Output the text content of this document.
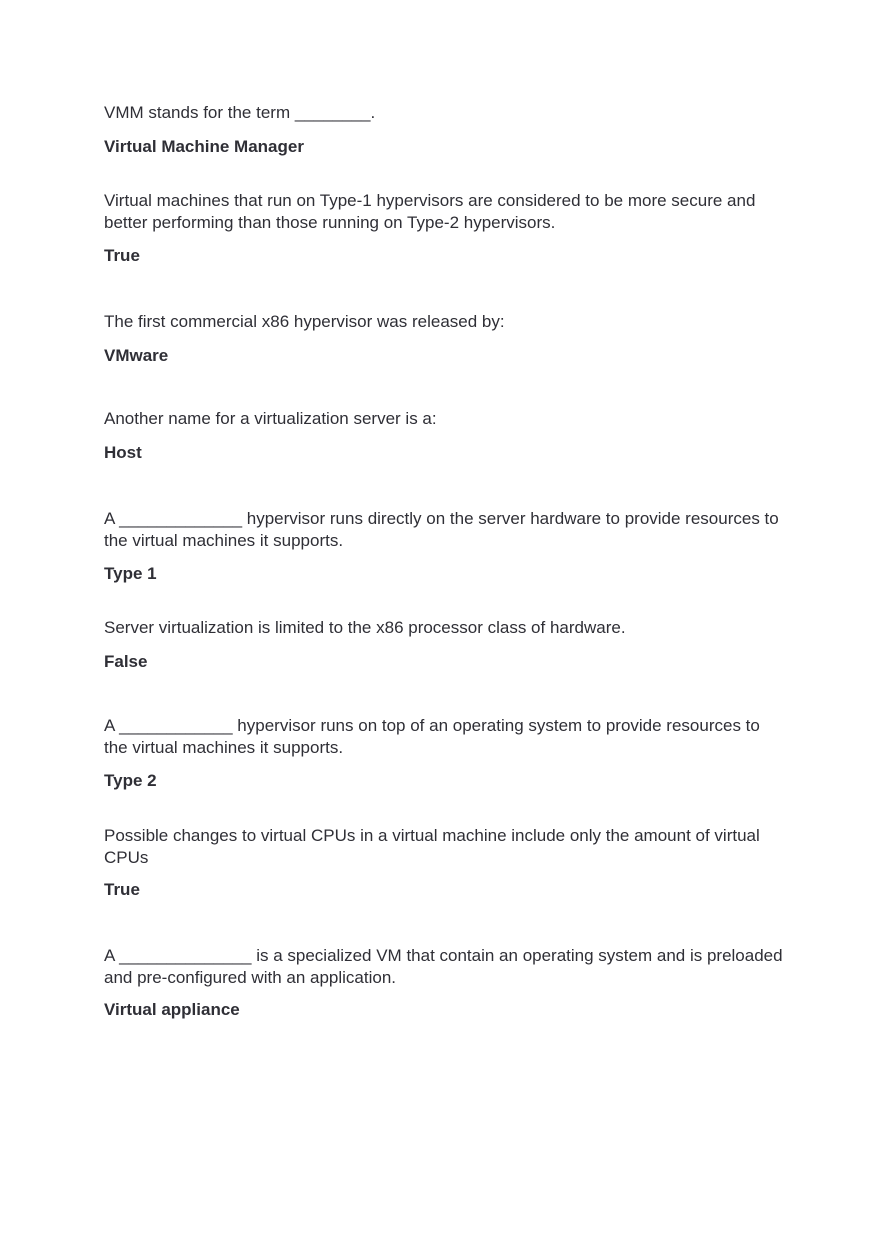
VMM stands for the term ________.

Virtual Machine Manager

Virtual machines that run on Type-1 hypervisors are considered to be more secure and better performing than those running on Type-2 hypervisors.

True

The first commercial x86 hypervisor was released by:

VMware

Another name for a virtualization server is a:

Host

A _____________ hypervisor runs directly on the server hardware to provide resources to the virtual machines it supports.

Type 1

Server virtualization is limited to the x86 processor class of hardware.

False

A ____________ hypervisor runs on top of an operating system to provide resources to the virtual machines it supports.

Type 2

Possible changes to virtual CPUs in a virtual machine include only the amount of virtual CPUs

True

A ______________ is a specialized VM that contain an operating system and is preloaded and pre-configured with an application.

Virtual appliance
